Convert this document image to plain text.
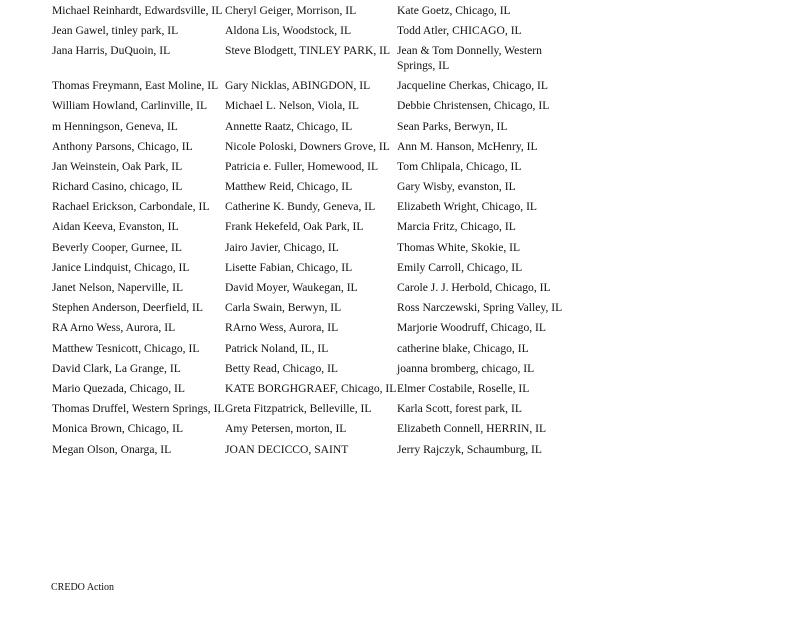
Michael Reinhardt, Edwardsville, IL	Cheryl Geiger, Morrison, IL	Kate Goetz, Chicago, IL
Jean Gawel, tinley park, IL	Aldona Lis, Woodstock, IL	Todd Atler, CHICAGO, IL
Jana Harris, DuQuoin, IL	Steve Blodgett, TINLEY PARK, IL	Jean & Tom Donnelly, Western Springs, IL
Thomas Freymann, East Moline, IL	Gary Nicklas, ABINGDON, IL	Jacqueline Cherkas, Chicago, IL
William Howland, Carlinville, IL	Michael L. Nelson, Viola, IL	Debbie Christensen, Chicago, IL
m Henningson, Geneva, IL	Annette Raatz, Chicago, IL	Sean Parks, Berwyn, IL
Anthony Parsons, Chicago, IL	Nicole Poloski, Downers Grove, IL	Ann M. Hanson, McHenry, IL
Jan Weinstein, Oak Park, IL	Patricia e. Fuller, Homewood, IL	Tom Chlipala, Chicago, IL
Richard Casino, chicago, IL	Matthew Reid, Chicago, IL	Gary Wisby, evanston, IL
Rachael Erickson, Carbondale, IL	Catherine K. Bundy, Geneva, IL	Elizabeth Wright, Chicago, IL
Aidan Keeva, Evanston, IL	Frank Hekefeld, Oak Park, IL	Marcia Fritz, Chicago, IL
Beverly Cooper, Gurnee, IL	Jairo Javier, Chicago, IL	Thomas White, Skokie, IL
Janice Lindquist, Chicago, IL	Lisette Fabian, Chicago, IL	Emily Carroll, Chicago, IL
Janet Nelson, Naperville, IL	David Moyer, Waukegan, IL	Carole J. J. Herbold, Chicago, IL
Stephen Anderson, Deerfield, IL	Carla Swain, Berwyn, IL	Ross Narczewski, Spring Valley, IL
RA Arno Wess, Aurora, IL	RArno Wess, Aurora, IL	Marjorie Woodruff, Chicago, IL
Matthew Tesnicott, Chicago, IL	Patrick Noland, IL, IL	catherine blake, Chicago, IL
David Clark, La Grange, IL	Betty Read, Chicago, IL	joanna bromberg, chicago, IL
Mario Quezada, Chicago, IL	KATE BORGHGRAEF, Chicago, IL	Elmer Costabile, Roselle, IL
Thomas Druffel, Western Springs, IL	Greta Fitzpatrick, Belleville, IL	Karla Scott, forest park, IL
Monica Brown, Chicago, IL	Amy Petersen, morton, IL	Elizabeth Connell, HERRIN, IL
Megan Olson, Onarga, IL	JOAN DECICCO, SAINT	Jerry Rajczyk, Schaumburg, IL
CREDO Action
